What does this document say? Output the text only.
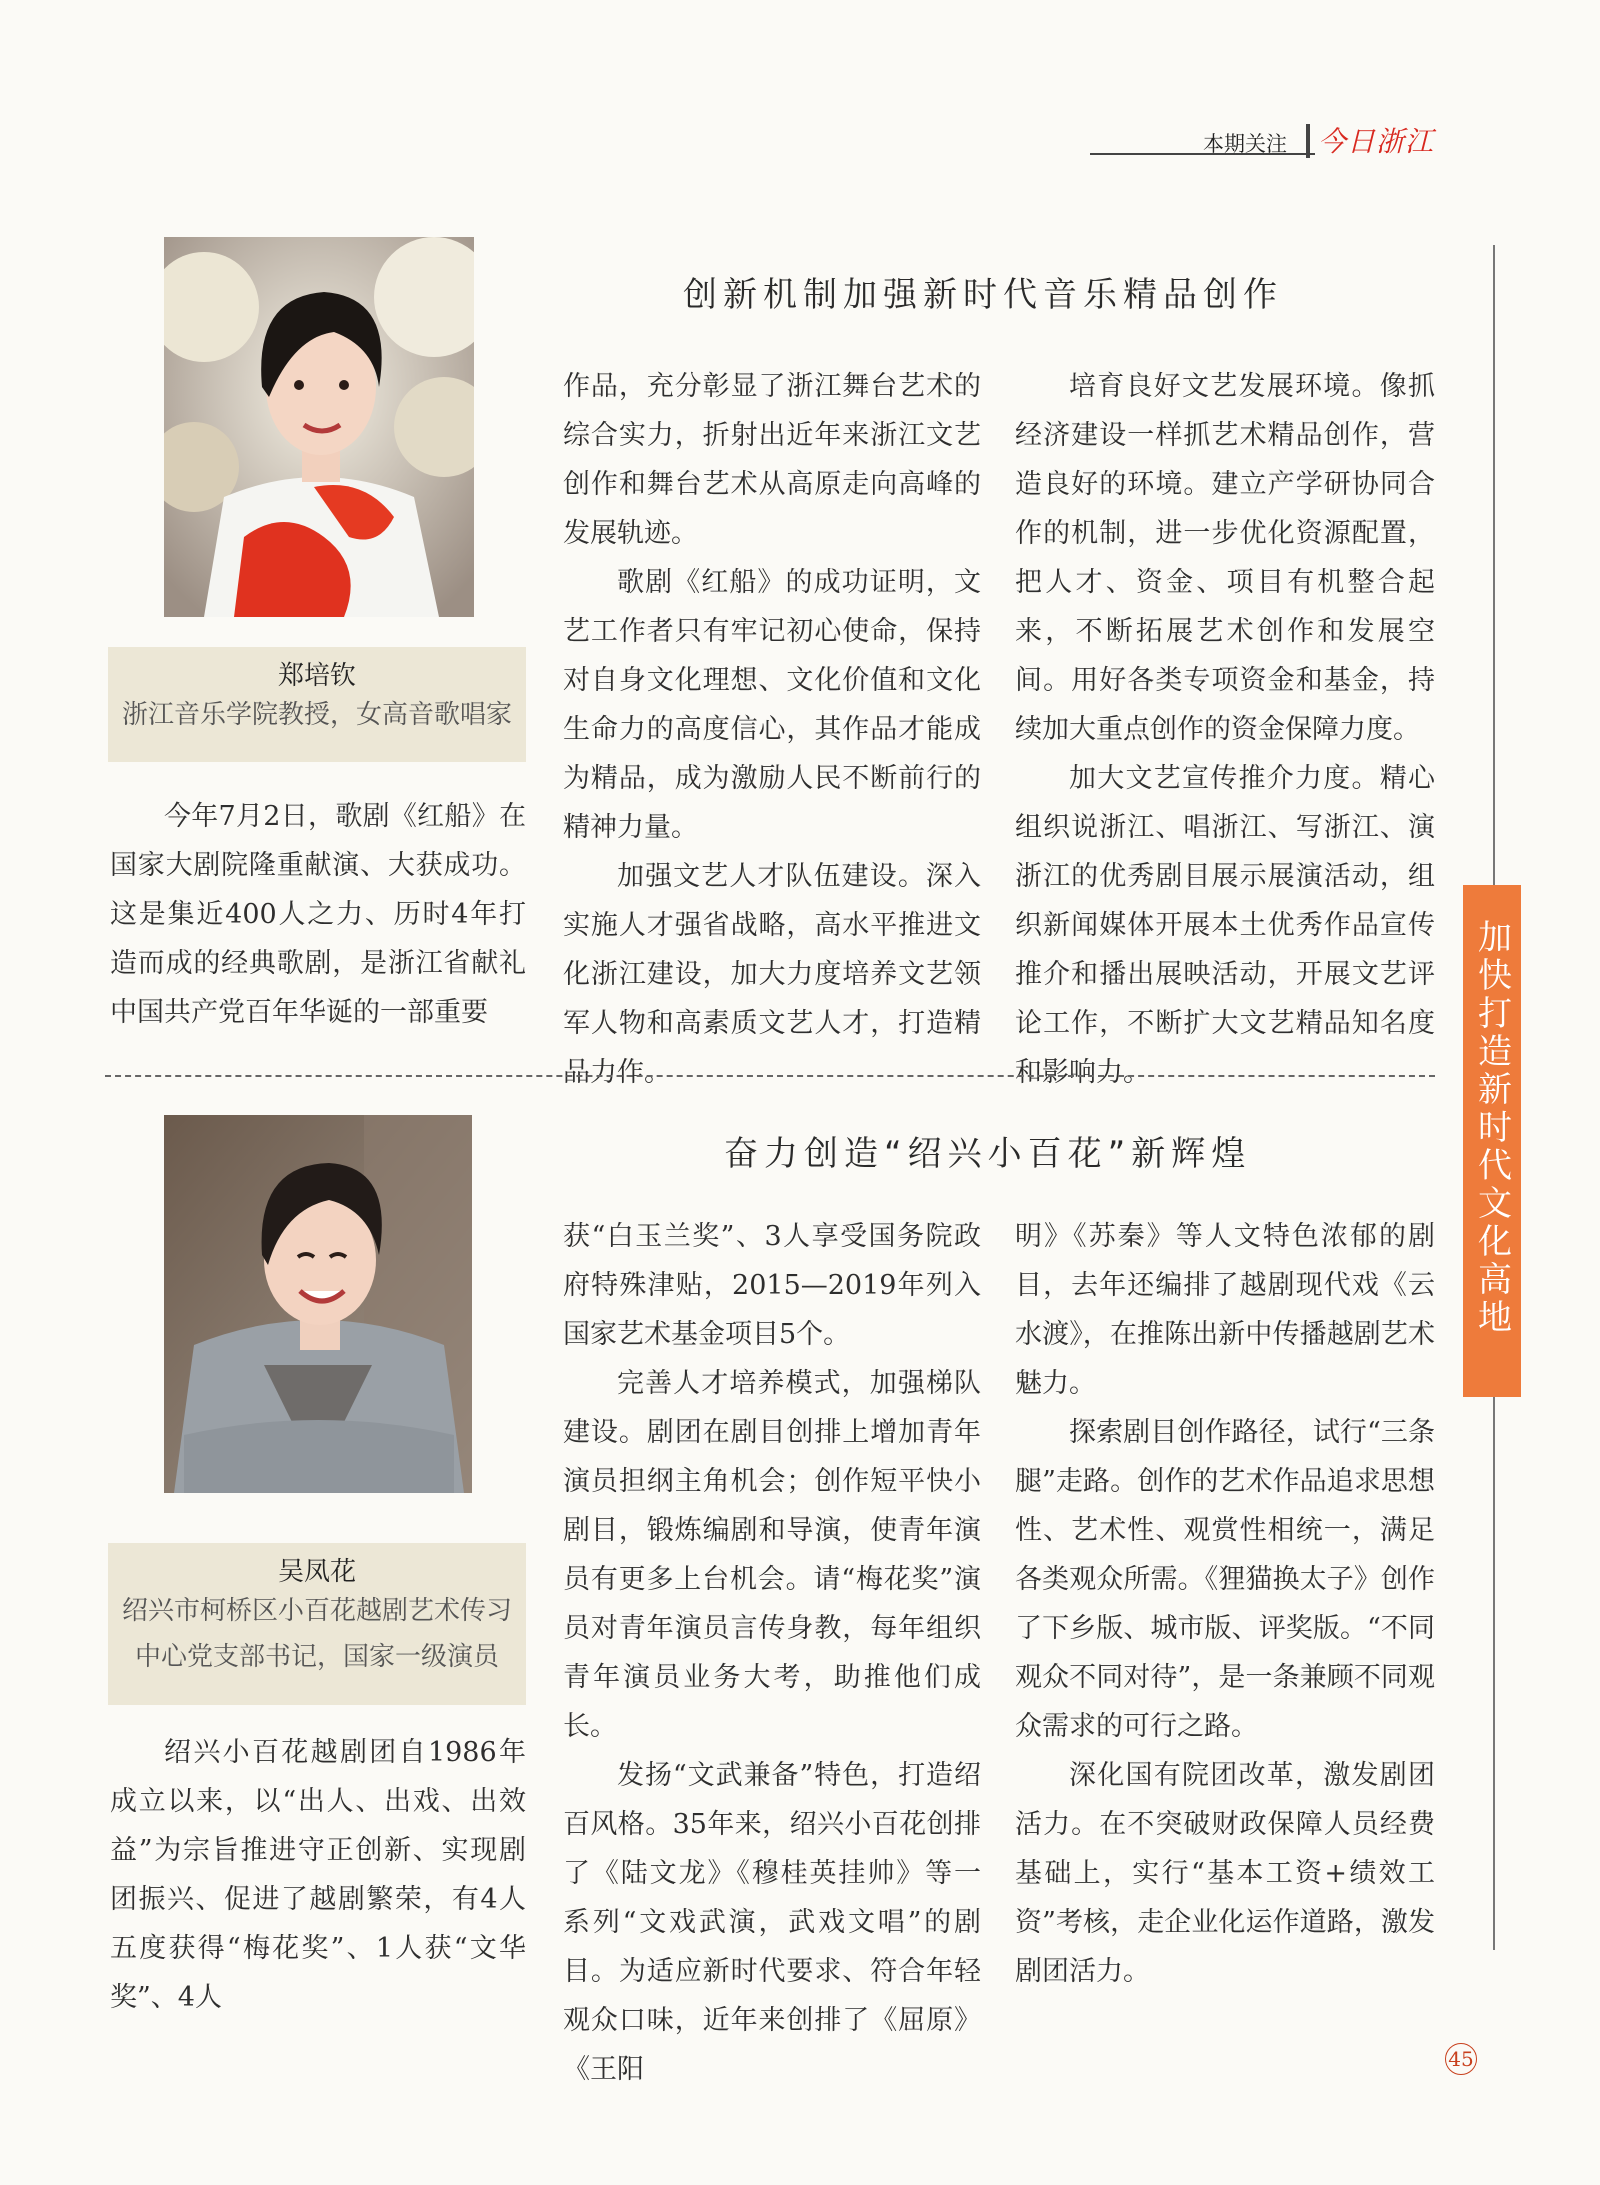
本期关注 今日浙江
加快打造新时代文化高地
郑培钦
浙江音乐学院教授，女高音歌唱家
创新机制加强新时代音乐精品创作

今年7月2日，歌剧《红船》在国家大剧院隆重献演、大获成功。这是集近400人之力、历时4年打造而成的经典歌剧，是浙江省献礼中国共产党百年华诞的一部重要

作品，充分彰显了浙江舞台艺术的综合实力，折射出近年来浙江文艺创作和舞台艺术从高原走向高峰的发展轨迹。

歌剧《红船》的成功证明，文艺工作者只有牢记初心使命，保持对自身文化理想、文化价值和文化生命力的高度信心，其作品才能成为精品，成为激励人民不断前行的精神力量。

加强文艺人才队伍建设。深入实施人才强省战略，高水平推进文化浙江建设，加大力度培养文艺领军人物和高素质文艺人才，打造精品力作。

培育良好文艺发展环境。像抓经济建设一样抓艺术精品创作，营造良好的环境。建立产学研协同合作的机制，进一步优化资源配置，把人才、资金、项目有机整合起来，不断拓展艺术创作和发展空间。用好各类专项资金和基金，持续加大重点创作的资金保障力度。

加大文艺宣传推介力度。精心组织说浙江、唱浙江、写浙江、演浙江的优秀剧目展示展演活动，组织新闻媒体开展本土优秀作品宣传推介和播出展映活动，开展文艺评论工作，不断扩大文艺精品知名度和影响力。

吴凤花
绍兴市柯桥区小百花越剧艺术传习中心党支部书记，国家一级演员
奋力创造“绍兴小百花”新辉煌

绍兴小百花越剧团自1986年成立以来，以“出人、出戏、出效益”为宗旨推进守正创新、实现剧团振兴、促进了越剧繁荣，有4人五度获得“梅花奖”、1人获“文华奖”、4人

获“白玉兰奖”、3人享受国务院政府特殊津贴，2015—2019年列入国家艺术基金项目5个。

完善人才培养模式，加强梯队建设。剧团在剧目创排上增加青年演员担纲主角机会；创作短平快小剧目，锻炼编剧和导演，使青年演员有更多上台机会。请“梅花奖”演员对青年演员言传身教，每年组织青年演员业务大考，助推他们成长。

发扬“文武兼备”特色，打造绍百风格。35年来，绍兴小百花创排了《陆文龙》《穆桂英挂帅》等一系列“文戏武演，武戏文唱”的剧目。为适应新时代要求、符合年轻观众口味，近年来创排了《屈原》《王阳

明》《苏秦》等人文特色浓郁的剧目，去年还编排了越剧现代戏《云水渡》，在推陈出新中传播越剧艺术魅力。

探索剧目创作路径，试行“三条腿”走路。创作的艺术作品追求思想性、艺术性、观赏性相统一，满足各类观众所需。《狸猫换太子》创作了下乡版、城市版、评奖版。“不同观众不同对待”，是一条兼顾不同观众需求的可行之路。

深化国有院团改革，激发剧团活力。在不突破财政保障人员经费基础上，实行“基本工资+绩效工资”考核，走企业化运作道路，激发剧团活力。

45
